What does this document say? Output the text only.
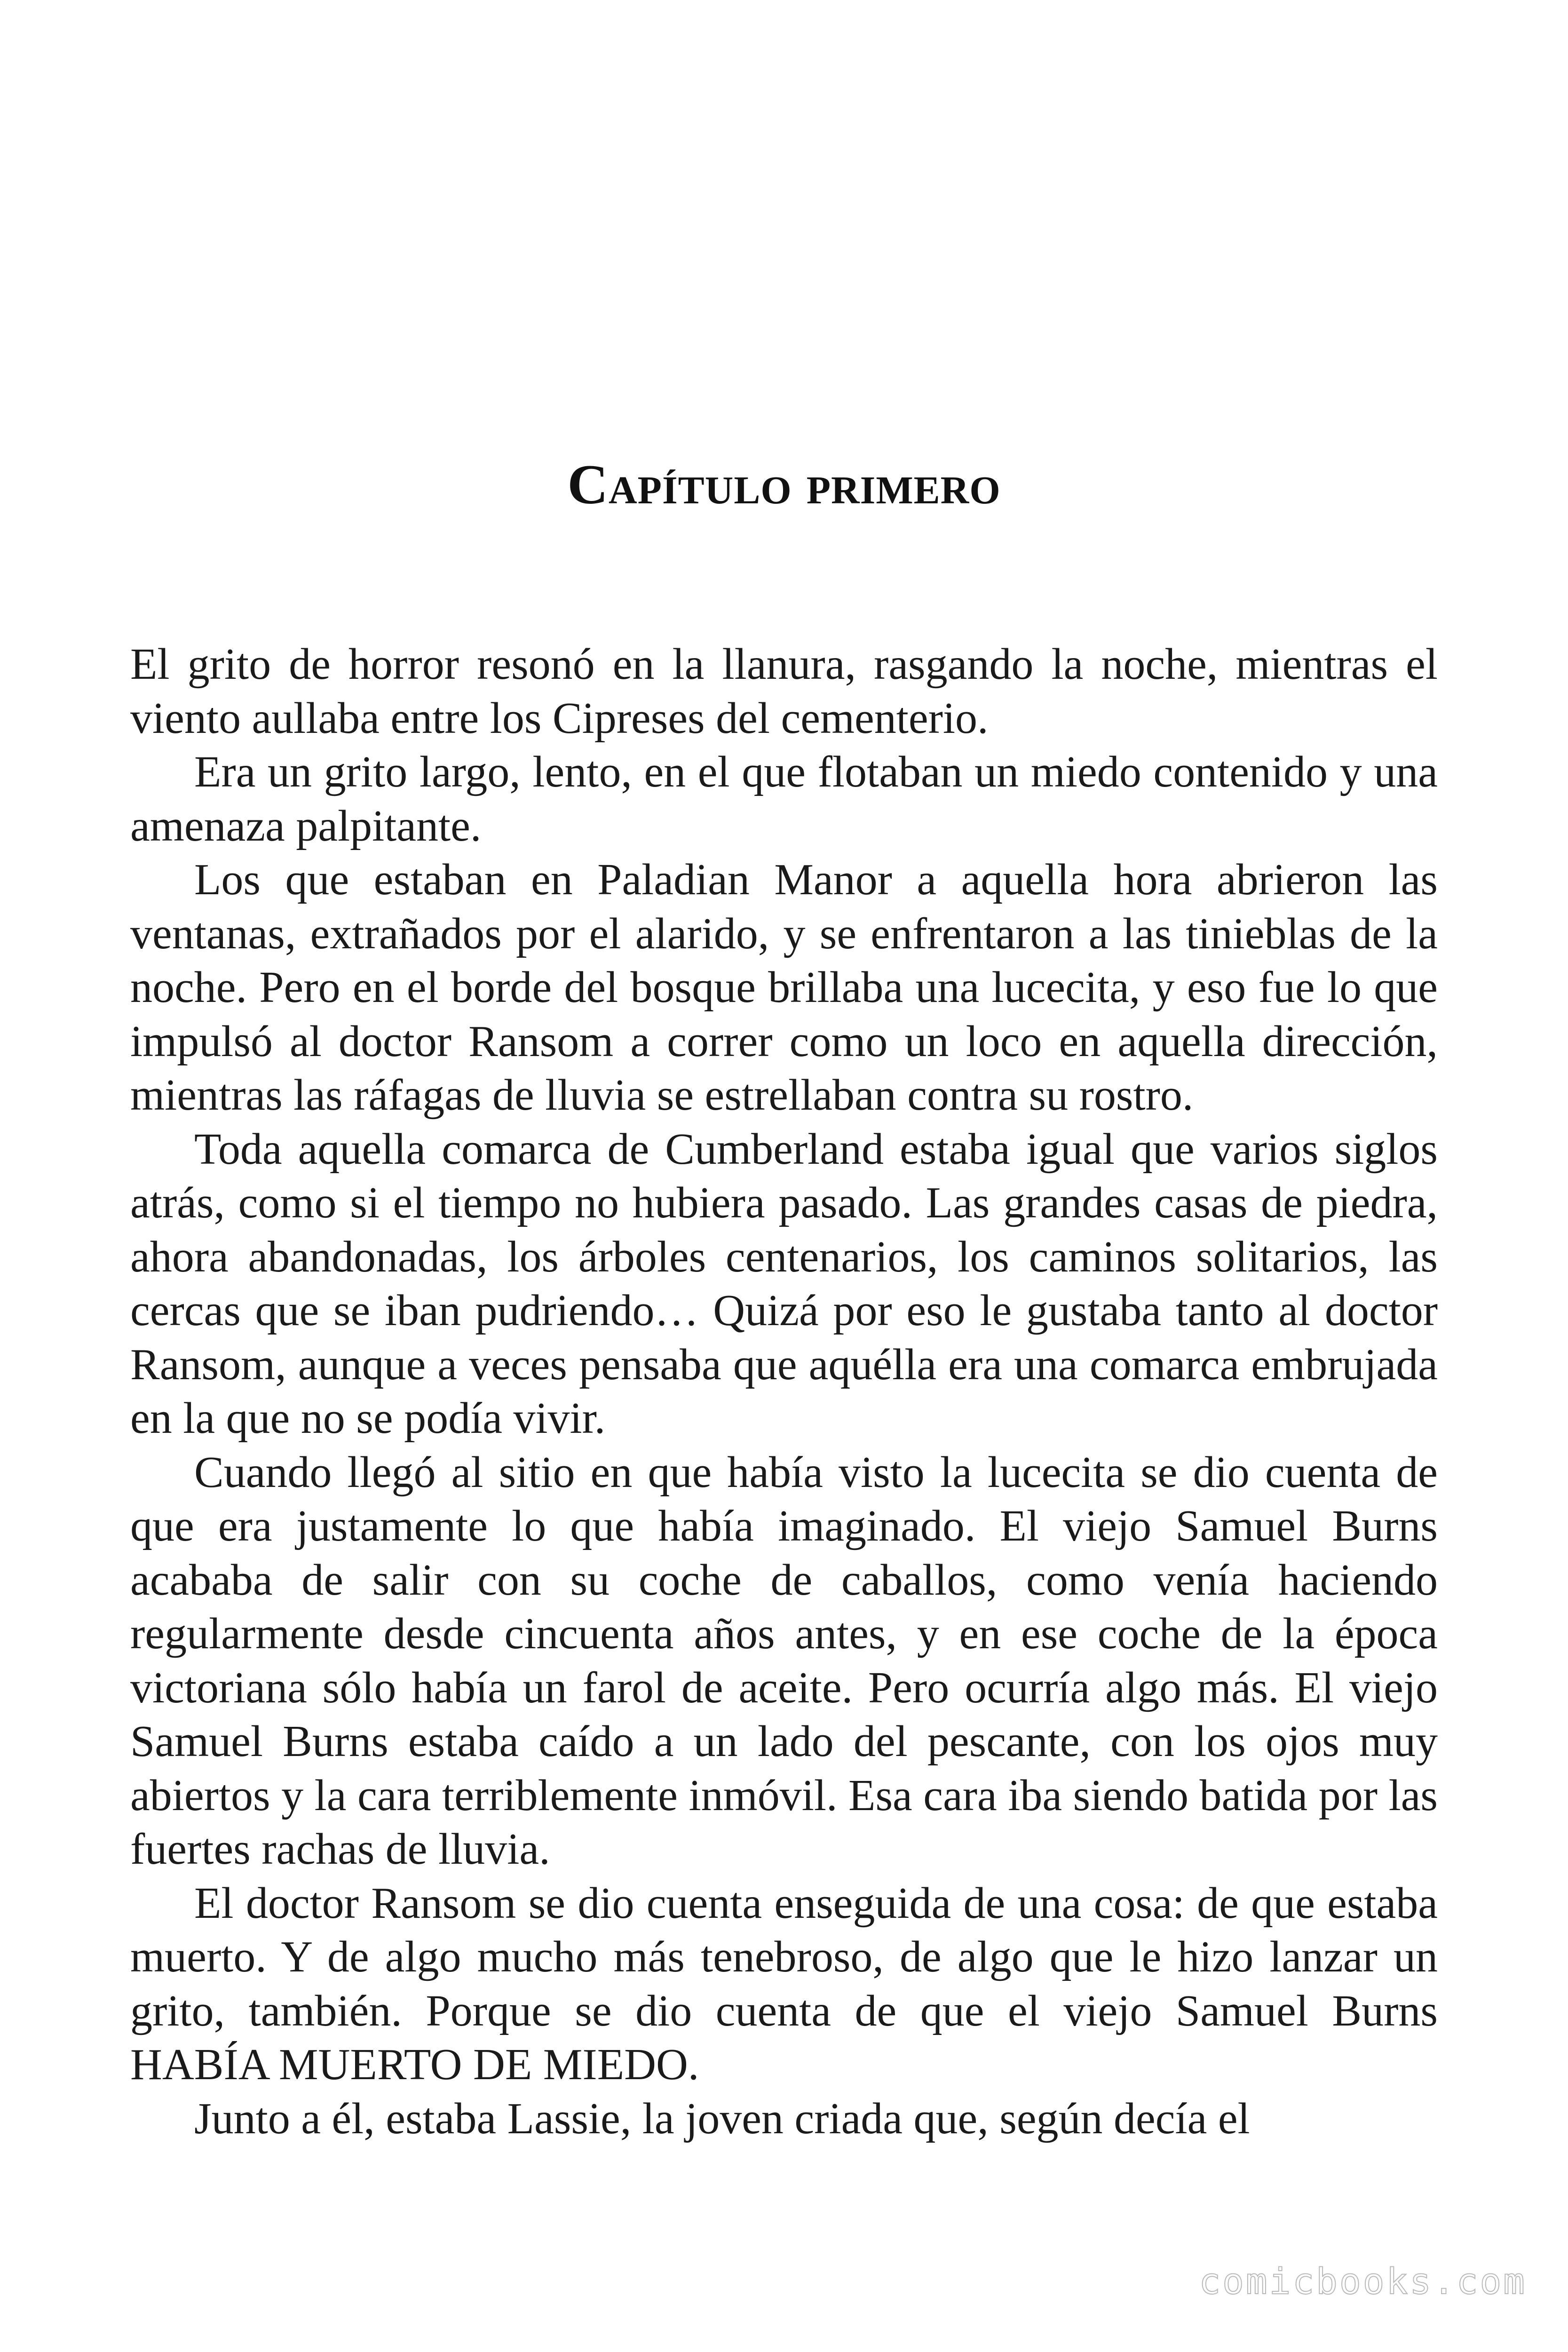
Capítulo primero

El grito de horror resonó en la llanura, rasgando la noche, mientras el viento aullaba entre los Cipreses del cementerio.

Era un grito largo, lento, en el que flotaban un miedo contenido y una amenaza palpitante.

Los que estaban en Paladian Manor a aquella hora abrieron las ventanas, extrañados por el alarido, y se enfrentaron a las tinieblas de la noche. Pero en el borde del bosque brillaba una lucecita, y eso fue lo que impulsó al doctor Ransom a correr como un loco en aquella dirección, mientras las ráfagas de lluvia se estrellaban contra su rostro.

Toda aquella comarca de Cumberland estaba igual que varios siglos atrás, como si el tiempo no hubiera pasado. Las grandes casas de piedra, ahora abandonadas, los árboles centenarios, los caminos solitarios, las cercas que se iban pudriendo… Quizá por eso le gustaba tanto al doctor Ransom, aunque a veces pensaba que aquélla era una comarca embrujada en la que no se podía vivir.

Cuando llegó al sitio en que había visto la lucecita se dio cuenta de que era justamente lo que había imaginado. El viejo Samuel Burns acababa de salir con su coche de caballos, como venía haciendo regularmente desde cincuenta años antes, y en ese coche de la época victoriana sólo había un farol de aceite. Pero ocurría algo más. El viejo Samuel Burns estaba caído a un lado del pescante, con los ojos muy abiertos y la cara terriblemente inmóvil. Esa cara iba siendo batida por las fuertes rachas de lluvia.

El doctor Ransom se dio cuenta enseguida de una cosa: de que estaba muerto. Y de algo mucho más tenebroso, de algo que le hizo lanzar un grito, también. Porque se dio cuenta de que el viejo Samuel Burns HABÍA MUERTO DE MIEDO.

Junto a él, estaba Lassie, la joven criada que, según decía el

comicbooks.com
